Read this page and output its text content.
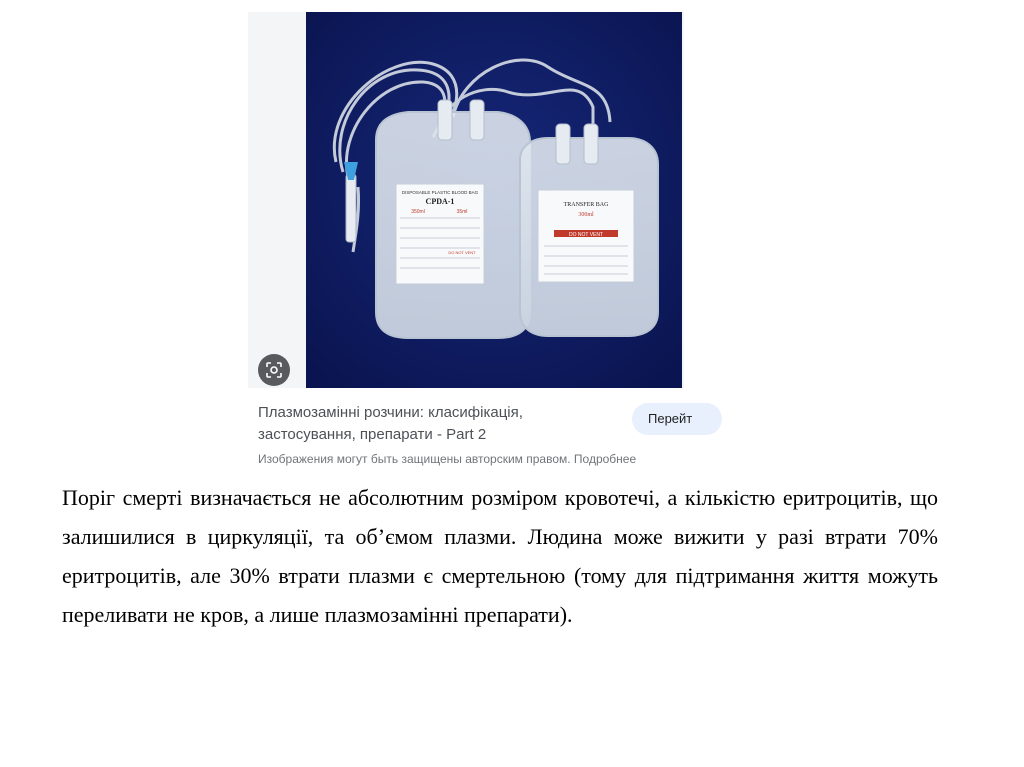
DISPOSABLE PLASTIC BLOOD BAG
CPDA-1
350ml	35ml
DO NOT VENT
TRANSFER BAG
300ml
DO NOT VENT
Плазмозамінні розчини: класифікація, застосування, препарати - Part 2
Перейт
Изображения могут быть защищены авторским правом. Подробнее

Поріг смерті визначається не абсолютним розміром кровотечі, а кількістю еритроцитів, що залишилися в циркуляції, та об’ємом плазми. Людина може вижити у разі втрати 70% еритроцитів, але 30% втрати плазми є смертельною (тому для підтримання життя можуть переливати не кров, а лише плазмозамінні препарати).
